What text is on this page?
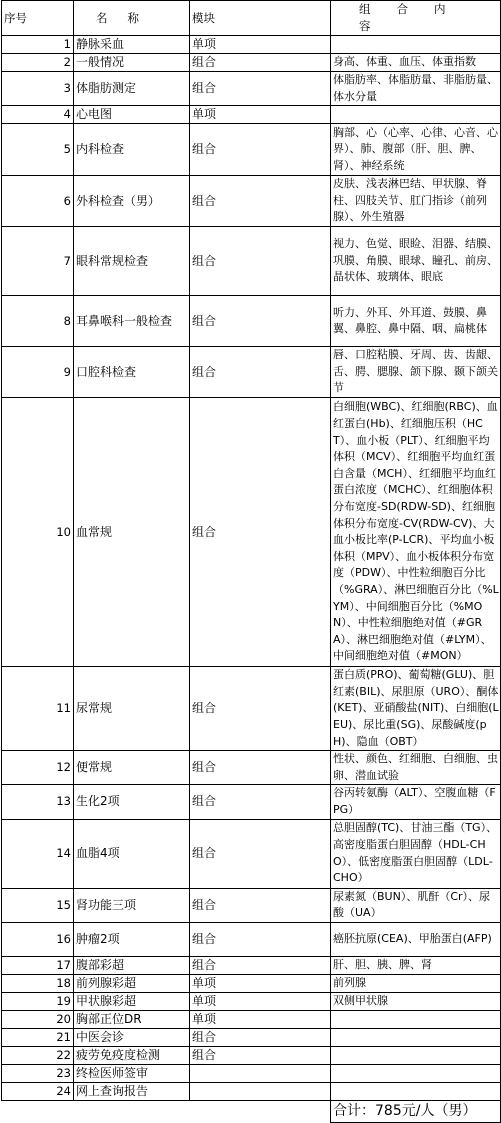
序号	名称	模块	组合内容
1	静脉采血	单项	
2	一般情况	组合	身高、体重、血压、体重指数
3	体脂肪测定	组合	体脂肪率、体脂肪量、非脂肪量、体水分量
4	心电图	单项	
5	内科检查	组合	胸部、心（心率、心律、心音、心界）、肺、腹部（肝、胆、脾、肾）、神经系统
6	外科检查（男）	组合	皮肤、浅表淋巴结、甲状腺、脊柱、四肢关节、肛门指诊（前列腺）、外生殖器
7	眼科常规检查	组合	视力、色觉、眼睑、泪器、结膜、巩膜、角膜、眼球、瞳孔、前房、晶状体、玻璃体、眼底
8	耳鼻喉科一般检查	组合	听力、外耳、外耳道、鼓膜、鼻翼、鼻腔、鼻中隔、咽、扁桃体
9	口腔科检查	组合	唇、口腔粘膜、牙周、齿、齿龈、舌、腭、腮腺、颌下腺、颞下颌关节
10	血常规	组合	白细胞(WBC)、红细胞(RBC)、血红蛋白(Hb)、红细胞压积（HCT）、血小板（PLT）、红细胞平均体积（MCV）、红细胞平均血红蛋白含量（MCH）、红细胞平均血红蛋白浓度（MCHC）、红细胞体积分布宽度-SD(RDW-SD)、红细胞体积分布宽度-CV(RDW-CV)、大血小板比率(P-LCR)、平均血小板体积（MPV）、血小板体积分布宽度（PDW）、中性粒细胞百分比（%GRA）、淋巴细胞百分比（%LYM）、中间细胞百分比（%MON）、中性粒细胞绝对值（#GRA）、淋巴细胞绝对值（#LYM）、中间细胞绝对值（#MON）
11	尿常规	组合	蛋白质(PRO)、葡萄糖(GLU)、胆红素(BIL)、尿胆原（URO）、酮体(KET)、亚硝酸盐(NIT)、白细胞(LEU)、尿比重(SG)、尿酸碱度(pH)、隐血（OBT）
12	便常规	组合	性状、颜色、红细胞、白细胞、虫卵、潜血试验
13	生化2项	组合	谷丙转氨酶（ALT）、空腹血糖（FPG）
14	血脂4项	组合	总胆固醇(TC)、甘油三酯（TG）、高密度脂蛋白胆固醇（HDL-CHO）、低密度脂蛋白胆固醇（LDL-CHO）
15	肾功能三项	组合	尿素氮（BUN）、肌酐（Cr）、尿酸（UA）
16	肿瘤2项	组合	癌胚抗原(CEA)、甲胎蛋白(AFP)
17	腹部彩超	组合	肝、胆、胰、脾、肾
18	前列腺彩超	单项	前列腺
19	甲状腺彩超	单项	双侧甲状腺
20	胸部正位DR	单项	
21	中医会诊	组合	
22	疲劳免疫度检测	组合	
23	终检医师签审		
24	网上查询报告		
			合计：785元/人（男）
